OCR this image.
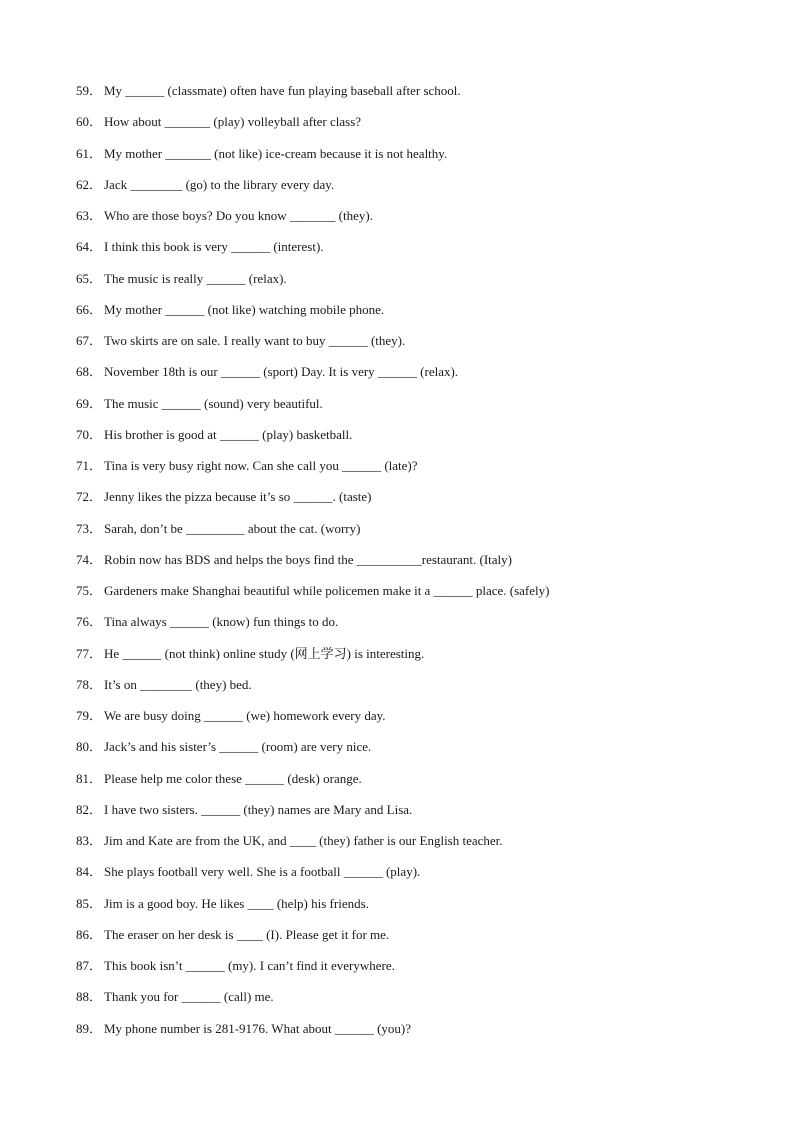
59． My ______ (classmate) often have fun playing baseball after school.
60． How about _______ (play) volleyball after class?
61． My mother _______ (not like) ice-cream because it is not healthy.
62． Jack ________ (go) to the library every day.
63． Who are those boys? Do you know _______ (they).
64． I think this book is very ______ (interest).
65． The music is really ______ (relax).
66． My mother ______ (not like) watching mobile phone.
67． Two skirts are on sale. I really want to buy ______ (they).
68． November 18th is our ______ (sport) Day. It is very ______ (relax).
69． The music ______ (sound) very beautiful.
70． His brother is good at ______ (play) basketball.
71． Tina is very busy right now. Can she call you ______ (late)?
72． Jenny likes the pizza because it’s so ______. (taste)
73． Sarah, don’t be _________ about the cat. (worry)
74． Robin now has BDS and helps the boys find the __________restaurant. (Italy)
75． Gardeners make Shanghai beautiful while policemen make it a ______ place. (safely)
76． Tina always ______ (know) fun things to do.
77． He ______ (not think) online study (网上学习) is interesting.
78． It’s on ________ (they) bed.
79． We are busy doing ______ (we) homework every day.
80． Jack’s and his sister’s ______ (room) are very nice.
81． Please help me color these ______ (desk) orange.
82． I have two sisters. ______ (they) names are Mary and Lisa.
83． Jim and Kate are from the UK, and ____ (they) father is our English teacher.
84． She plays football very well. She is a football ______ (play).
85． Jim is a good boy. He likes ____ (help) his friends.
86． The eraser on her desk is ____ (I). Please get it for me.
87． This book isn’t ______ (my). I can’t find it everywhere.
88． Thank you for ______ (call) me.
89． My phone number is 281-9176. What about ______ (you)?
